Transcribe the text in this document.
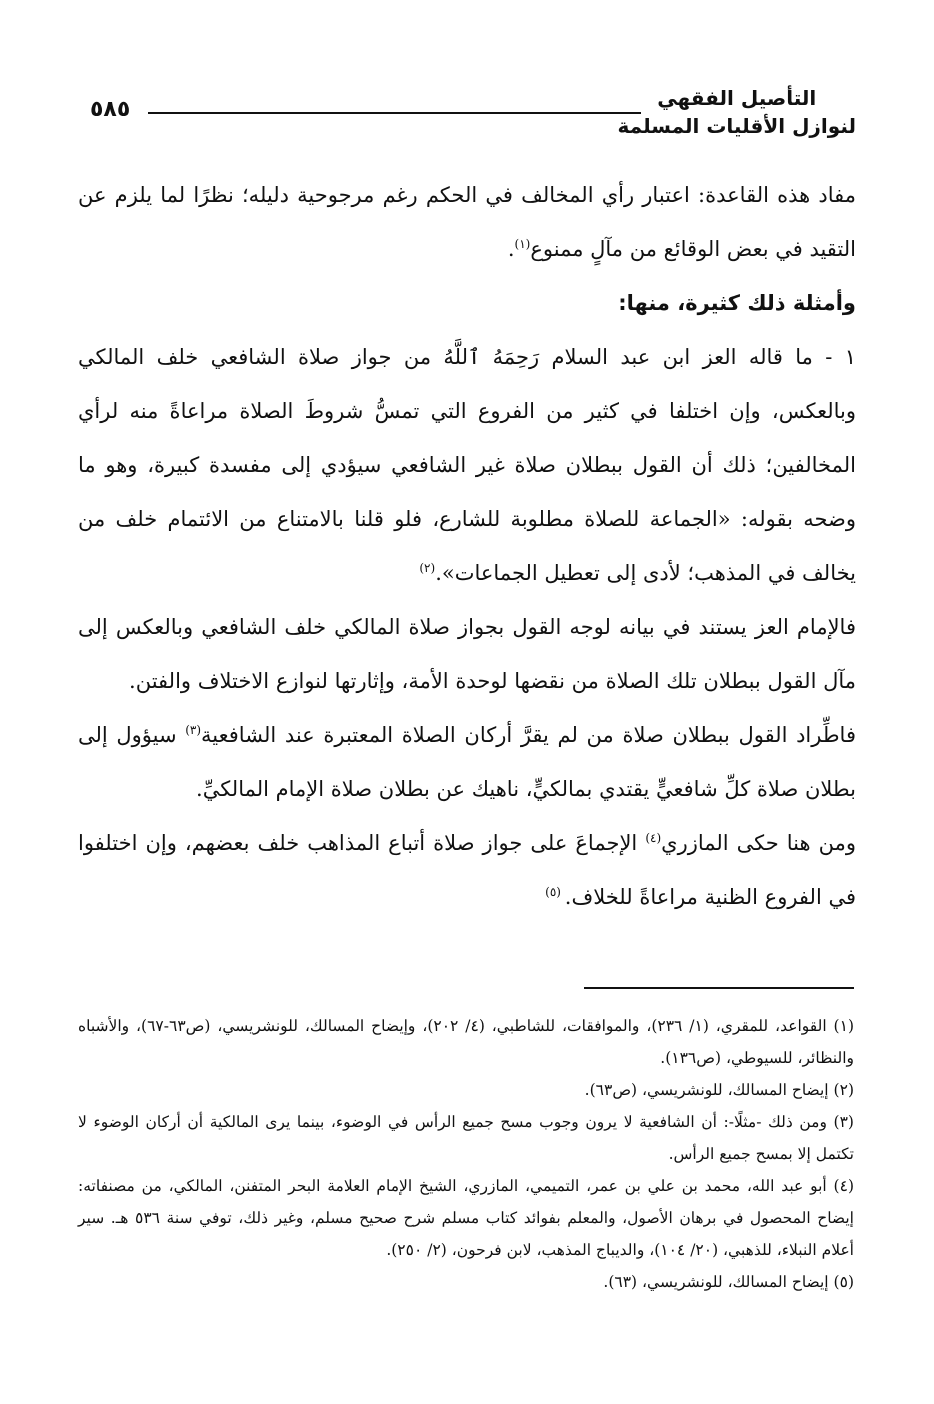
التأصيل الفقهي
لنوازل الأقليات المسلمة
٥٨٥

مفاد هذه القاعدة: اعتبار رأي المخالف في الحكم رغم مرجوحية دليله؛ نظرًا لما يلزم عن التقيد في بعض الوقائع من مآلٍ ممنوع$^{(١)}$.

وأمثلة ذلك كثيرة، منها:

١ - ما قاله العز ابن عبد السلام رَحِمَهُ ٱللَّهُ من جواز صلاة الشافعي خلف المالكي وبالعكس، وإن اختلفا في كثير من الفروع التي تمسُّ شروطَ الصلاة مراعاةً منه لرأي المخالفين؛ ذلك أن القول ببطلان صلاة غير الشافعي سيؤدي إلى مفسدة كبيرة، وهو ما وضحه بقوله: «الجماعة للصلاة مطلوبة للشارع، فلو قلنا بالامتناع من الائتمام خلف من يخالف في المذهب؛ لأدى إلى تعطيل الجماعات».$^{(٢)}$

فالإمام العز يستند في بيانه لوجه القول بجواز صلاة المالكي خلف الشافعي وبالعكس إلى مآل القول ببطلان تلك الصلاة من نقضها لوحدة الأمة، وإثارتها لنوازع الاختلاف والفتن.

فاطِّراد القول ببطلان صلاة من لم يقرَّ أركان الصلاة المعتبرة عند الشافعية$^{(٣)}$ سيؤول إلى بطلان صلاة كلِّ شافعيٍّ يقتدي بمالكيٍّ، ناهيك عن بطلان صلاة الإمام المالكيِّ.

ومن هنا حكى المازري$^{(٤)}$ الإجماعَ على جواز صلاة أتباع المذاهب خلف بعضهم، وإن اختلفوا في الفروع الظنية مراعاةً للخلاف. $^{(٥)}$

(١) القواعد، للمقري، (١/ ٢٣٦)، والموافقات، للشاطبي، (٤/ ٢٠٢)، وإيضاح المسالك، للونشريسي، (ص٦٣-٦٧)، والأشباه والنظائر، للسيوطي، (ص١٣٦).

(٢) إيضاح المسالك، للونشريسي، (ص٦٣).

(٣) ومن ذلك -مثلًا-: أن الشافعية لا يرون وجوب مسح جميع الرأس في الوضوء، بينما يرى المالكية أن أركان الوضوء لا تكتمل إلا بمسح جميع الرأس.

(٤) أبو عبد الله، محمد بن علي بن عمر، التميمي، المازري، الشيخ الإمام العلامة البحر المتفنن، المالكي، من مصنفاته: إيضاح المحصول في برهان الأصول، والمعلم بفوائد كتاب مسلم شرح صحيح مسلم، وغير ذلك، توفي سنة ٥٣٦ هـ. سير أعلام النبلاء، للذهبي، (٢٠/ ١٠٤)، والديباج المذهب، لابن فرحون، (٢/ ٢٥٠).

(٥) إيضاح المسالك، للونشريسي، (٦٣).
